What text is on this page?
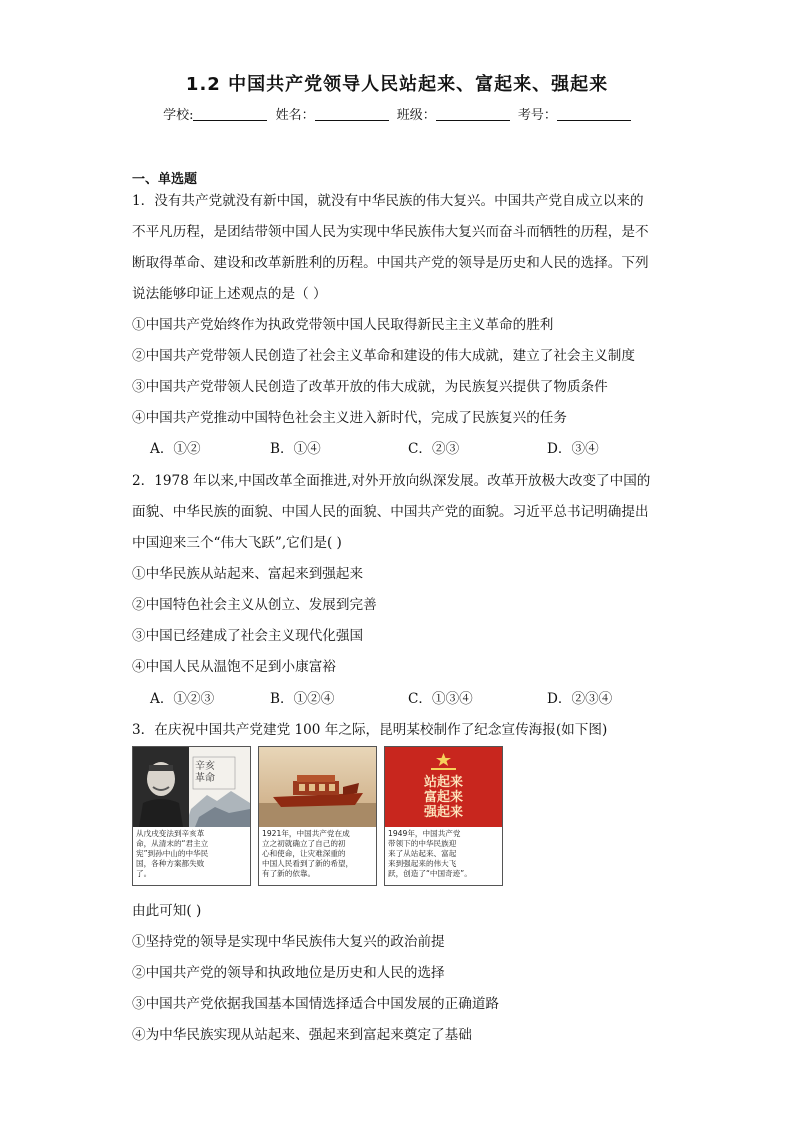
1.2 中国共产党领导人民站起来、富起来、强起来
学校:	姓名：	班级：	考号：
一、单选题
1．没有共产党就没有新中国，就没有中华民族的伟大复兴。中国共产党自成立以来的
不平凡历程，是团结带领中国人民为实现中华民族伟大复兴而奋斗而牺牲的历程，是不
断取得革命、建设和改革新胜利的历程。中国共产党的领导是历史和人民的选择。下列
说法能够印证上述观点的是（ ）
①中国共产党始终作为执政党带领中国人民取得新民主主义革命的胜利
②中国共产党带领人民创造了社会主义革命和建设的伟大成就，建立了社会主义制度
③中国共产党带领人民创造了改革开放的伟大成就，为民族复兴提供了物质条件
④中国共产党推动中国特色社会主义进入新时代，完成了民族复兴的任务
A．①②	B．①④	C．②③	D．③④
2．1978 年以来,中国改革全面推进,对外开放向纵深发展。改革开放极大改变了中国的
面貌、中华民族的面貌、中国人民的面貌、中国共产党的面貌。习近平总书记明确提出
中国迎来三个“伟大飞跃”,它们是( )
①中华民族从站起来、富起来到强起来
②中国特色社会主义从创立、发展到完善
③中国已经建成了社会主义现代化强国
④中国人民从温饱不足到小康富裕
A．①②③	B．①②④	C．①③④	D．②③④
3．在庆祝中国共产党建党 100 年之际，昆明某校制作了纪念宣传海报(如下图)
辛亥
革命
从戊戌变法到辛亥革
命，从清末的“君主立
宪”到孙中山的中华民
国，各种方案都失败
了。
1921年，中国共产党在成
立之初就确立了自己的初
心和使命，让灾难深重的
中国人民看到了新的希望，
有了新的依靠。
站起来
富起来
强起来
1949年，中国共产党
带领下的中华民族迎
来了从站起来、富起
来到强起来的伟大飞
跃，创造了“中国奇迹”。
由此可知( )
①坚持党的领导是实现中华民族伟大复兴的政治前提
②中国共产党的领导和执政地位是历史和人民的选择
③中国共产党依据我国基本国情选择适合中国发展的正确道路
④为中华民族实现从站起来、强起来到富起来奠定了基础
